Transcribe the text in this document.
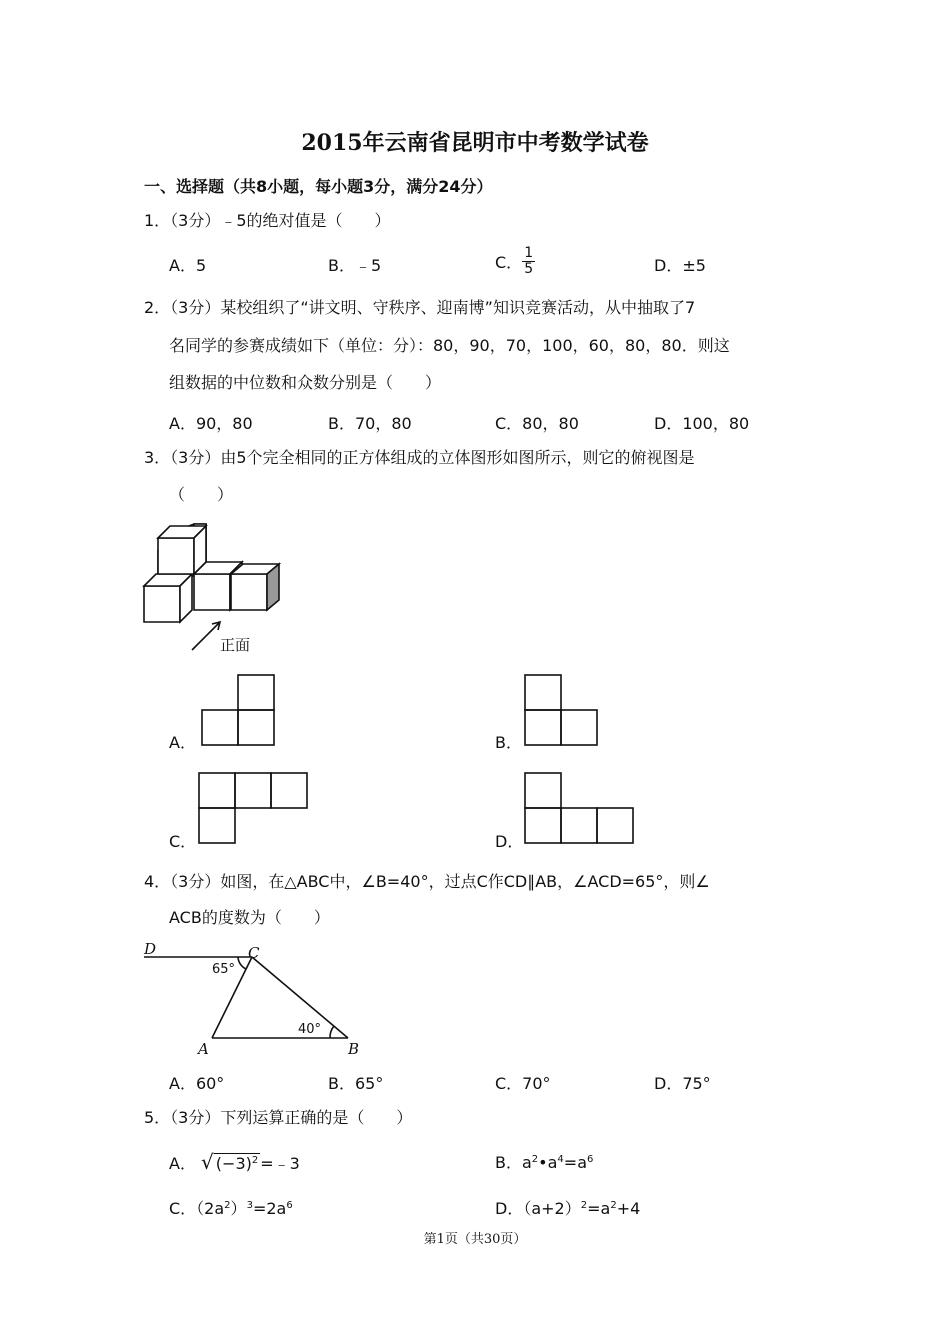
2015年云南省昆明市中考数学试卷
一、选择题（共8小题，每小题3分，满分24分）
1．（3分）﹣5的绝对值是（　　）
A．5	B．﹣5	C． $\frac{1}{5}$	D．±5
2．（3分）某校组织了“讲文明、守秩序、迎南博”知识竞赛活动，从中抽取了7
名同学的参赛成绩如下（单位：分）：80，90，70，100，60，80，80．则这
组数据的中位数和众数分别是（　　）
A．90，80	B．70，80	C．80，80	D．100，80
3．（3分）由5个完全相同的正方体组成的立体图形如图所示，则它的俯视图是
（　　）
正面
A．	B．
C．	D．
4．（3分）如图，在△ABC中，∠B=40°，过点C作CD∥AB，∠ACD=65°，则∠
ACB的度数为（　　）
D	C
A	B
65°
40°
A．60°	B．65°	C．70°	D．75°
5．（3分）下列运算正确的是（　　）
A． √ $(-3)^2$ =﹣3	B．$a^2•a^4=a^6$
C．$(2a^2)^3=2a^6$	D．$(a+2)^2=a^2+4$
第1页（共30页）
